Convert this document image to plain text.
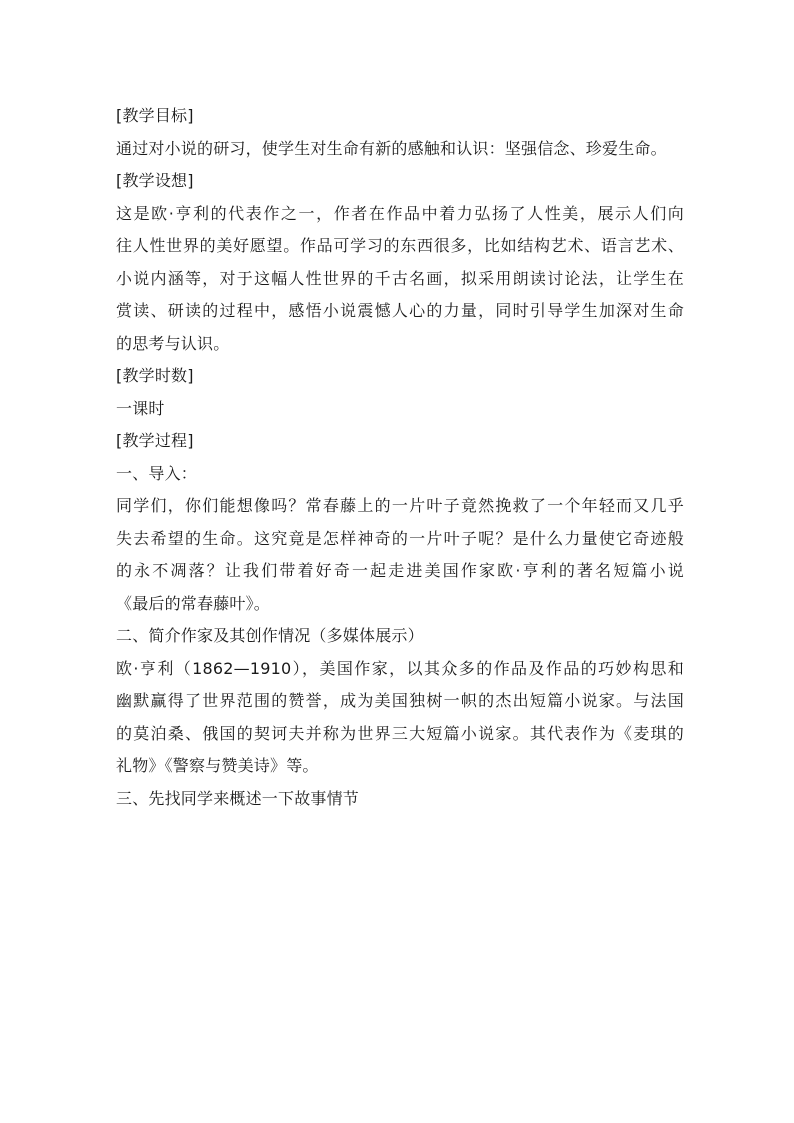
[教学目标]
通过对小说的研习，使学生对生命有新的感触和认识：坚强信念、珍爱生命。
[教学设想]
这是欧·亨利的代表作之一，作者在作品中着力弘扬了人性美，展示人们向
往人性世界的美好愿望。作品可学习的东西很多，比如结构艺术、语言艺术、
小说内涵等，对于这幅人性世界的千古名画，拟采用朗读讨论法，让学生在
赏读、研读的过程中，感悟小说震憾人心的力量，同时引导学生加深对生命
的思考与认识。
[教学时数]
一课时
[教学过程]
一、导入：
同学们，你们能想像吗？常春藤上的一片叶子竟然挽救了一个年轻而又几乎
失去希望的生命。这究竟是怎样神奇的一片叶子呢？是什么力量使它奇迹般
的永不凋落？让我们带着好奇一起走进美国作家欧·亨利的著名短篇小说
《最后的常春藤叶》。
二、简介作家及其创作情况（多媒体展示）
欧·亨利（1862—1910），美国作家，以其众多的作品及作品的巧妙构思和
幽默赢得了世界范围的赞誉，成为美国独树一帜的杰出短篇小说家。与法国
的莫泊桑、俄国的契诃夫并称为世界三大短篇小说家。其代表作为《麦琪的
礼物》《警察与赞美诗》等。
三、先找同学来概述一下故事情节
